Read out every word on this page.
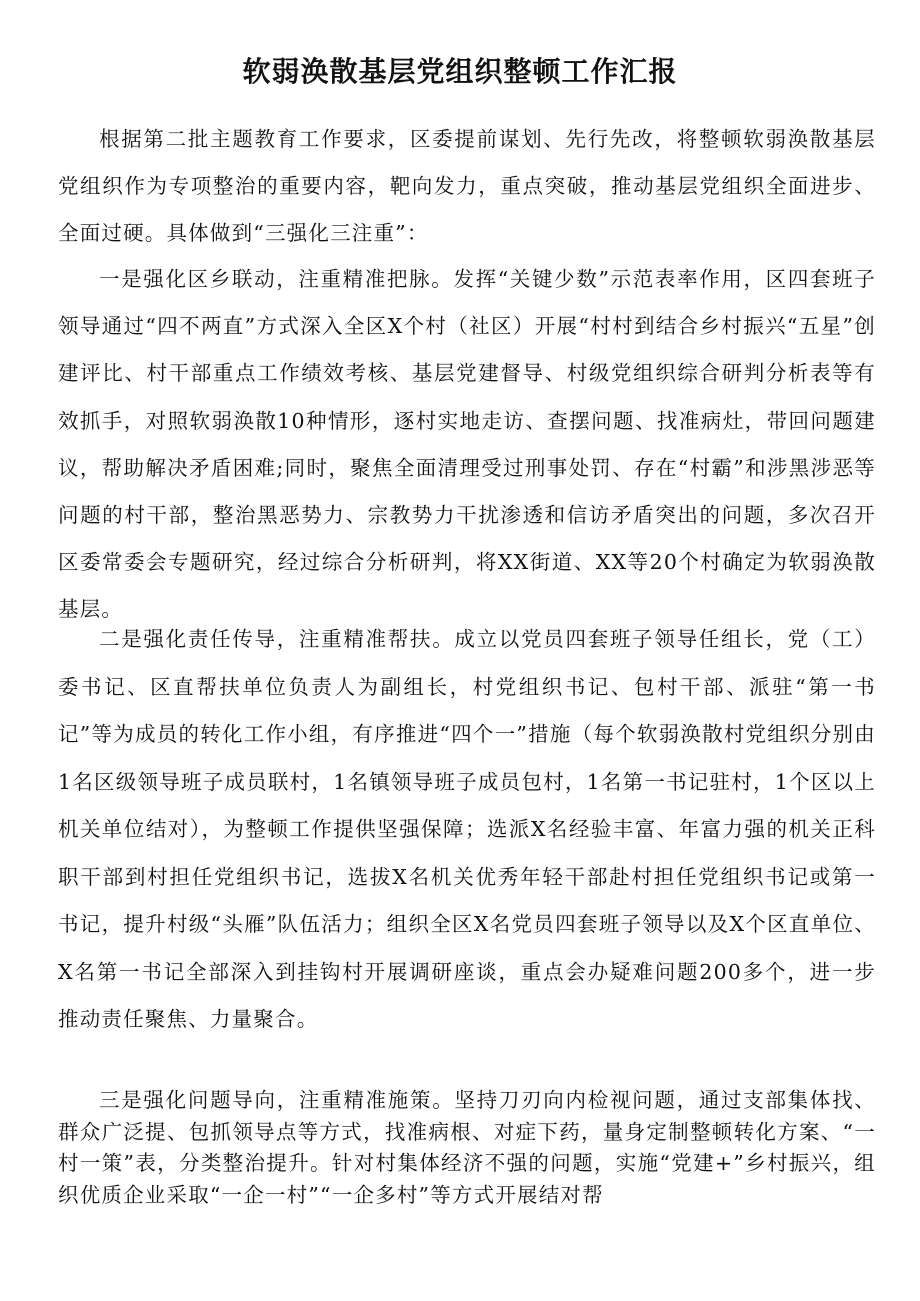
软弱涣散基层党组织整顿工作汇报

根据第二批主题教育工作要求，区委提前谋划、先行先改，将整顿软弱涣散基层党组织作为专项整治的重要内容，靶向发力，重点突破，推动基层党组织全面进步、全面过硬。具体做到“三强化三注重”：

一是强化区乡联动，注重精准把脉。发挥“关键少数”示范表率作用，区四套班子领导通过“四不两直”方式深入全区X个村（社区）开展“村村到结合乡村振兴“五星”创建评比、村干部重点工作绩效考核、基层党建督导、村级党组织综合研判分析表等有效抓手，对照软弱涣散10种情形，逐村实地走访、查摆问题、找准病灶，带回问题建议，帮助解决矛盾困难;同时，聚焦全面清理受过刑事处罚、存在“村霸”和涉黑涉恶等问题的村干部，整治黑恶势力、宗教势力干扰渗透和信访矛盾突出的问题，多次召开区委常委会专题研究，经过综合分析研判，将XX街道、XX等20个村确定为软弱涣散基层。

二是强化责任传导，注重精准帮扶。成立以党员四套班子领导任组长，党（工）委书记、区直帮扶单位负责人为副组长，村党组织书记、包村干部、派驻“第一书记”等为成员的转化工作小组，有序推进“四个一”措施（每个软弱涣散村党组织分别由1名区级领导班子成员联村，1名镇领导班子成员包村，1名第一书记驻村，1个区以上机关单位结对），为整顿工作提供坚强保障；选派X名经验丰富、年富力强的机关正科职干部到村担任党组织书记，选拔X名机关优秀年轻干部赴村担任党组织书记或第一书记，提升村级“头雁”队伍活力；组织全区X名党员四套班子领导以及X个区直单位、X名第一书记全部深入到挂钩村开展调研座谈，重点会办疑难问题200多个，进一步推动责任聚焦、力量聚合。

三是强化问题导向，注重精准施策。坚持刀刃向内检视问题，通过支部集体找、群众广泛提、包抓领导点等方式，找准病根、对症下药，量身定制整顿转化方案、“一村一策”表，分类整治提升。针对村集体经济不强的问题，实施“党建+”乡村振兴，组织优质企业采取“一企一村”“一企多村”等方式开展结对帮
